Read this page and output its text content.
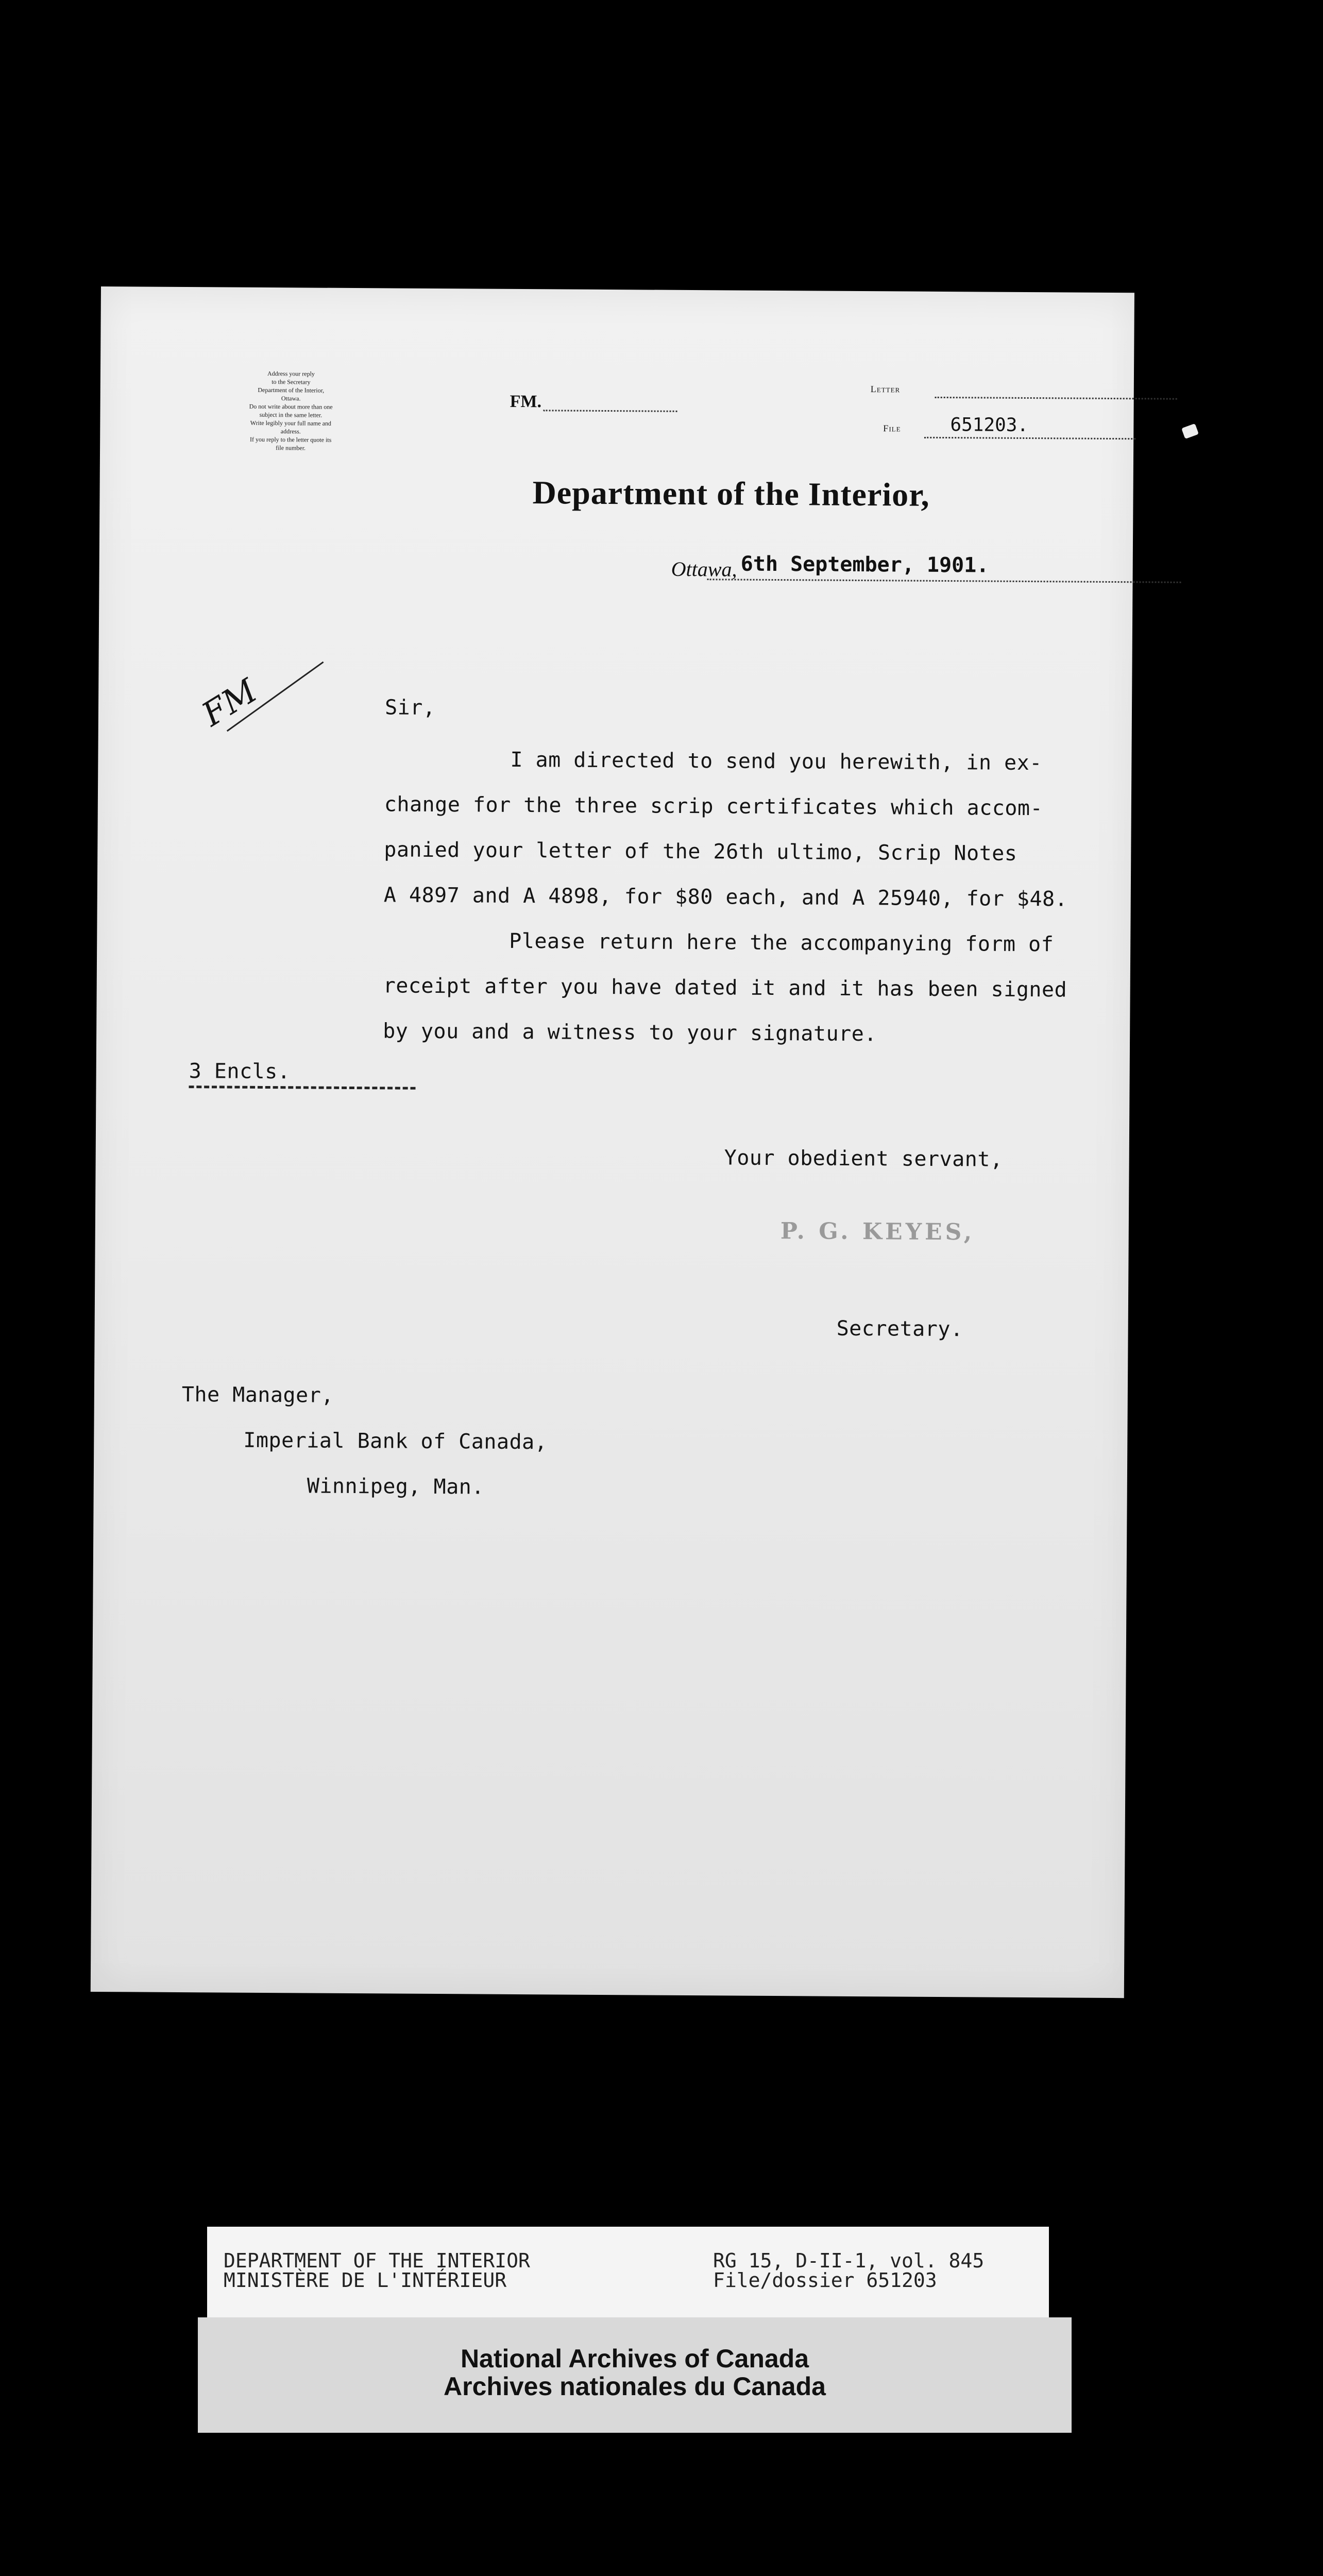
Address your reply
to the Secretary
Department of the Interior,
Ottawa.
Do not write about more than one
subject in the same letter.
Write legibly your full name and
address.
If you reply to the letter quote its
file number.
FM.
Letter
File	651203.
Department of the Interior,
Ottawa, 6th September, 1901.
FM	Sir,
I am directed to send you herewith, in ex-
change for the three scrip certificates which accom-
panied your letter of the 26th ultimo, Scrip Notes
A 4897 and A 4898, for $80 each, and A 25940, for $48.
Please return here the accompanying form of
receipt after you have dated it and it has been signed
by you and a witness to your signature.
3 Encls.
Your obedient servant,
P. G. KEYES,
Secretary.
The Manager,
Imperial Bank of Canada,
Winnipeg, Man.
DEPARTMENT OF THE INTERIOR
MINISTÈRE DE L'INTÉRIEUR
RG 15, D-II-1, vol. 845
File/dossier 651203
National Archives of Canada
Archives nationales du Canada
